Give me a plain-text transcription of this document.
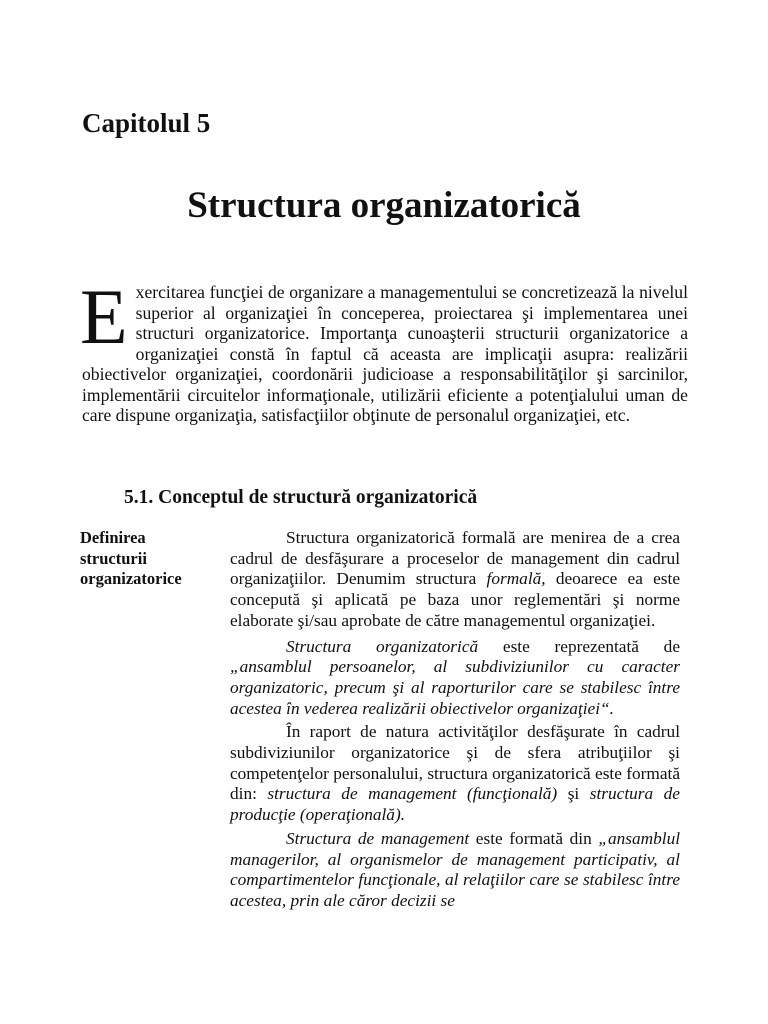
Capitolul 5
Structura organizatorică
Exercitarea funcţiei de organizare a managementului se concretizează la nivelul superior al organizaţiei în conceperea, proiectarea şi implementarea unei structuri organizatorice. Importanţa cunoaşterii structurii organizatorice a organizaţiei constă în faptul că aceasta are implicaţii asupra: realizării obiectivelor organizaţiei, coordonării judicioase a responsabilităţilor şi sarcinilor, implementării circuitelor informaţionale, utilizării eficiente a potenţialului uman de care dispune organizaţia, satisfacţiilor obţinute de personalul organizaţiei, etc.
5.1. Conceptul de structură organizatorică
Definirea structurii organizatorice

Structura organizatorică formală are menirea de a crea cadrul de desfăşurare a proceselor de management din cadrul organizaţiilor. Denumim structura formală, deoarece ea este concepută şi aplicată pe baza unor reglementări şi norme elaborate şi/sau aprobate de către managementul organizaţiei.

Structura organizatorică este reprezentată de „ansamblul persoanelor, al subdiviziunilor cu caracter organizatoric, precum şi al raporturilor care se stabilesc între acestea în vederea realizării obiectivelor organizaţiei“.

În raport de natura activităţilor desfăşurate în cadrul subdiviziunilor organizatorice şi de sfera atribuţiilor şi competenţelor personalului, structura organizatorică este formată din: structura de management (funcţională) şi structura de producţie (operaţională).

Structura de management este formată din „ansamblul managerilor, al organismelor de management participativ, al compartimentelor funcţionale, al relaţiilor care se stabilesc între acestea, prin ale căror decizii se
